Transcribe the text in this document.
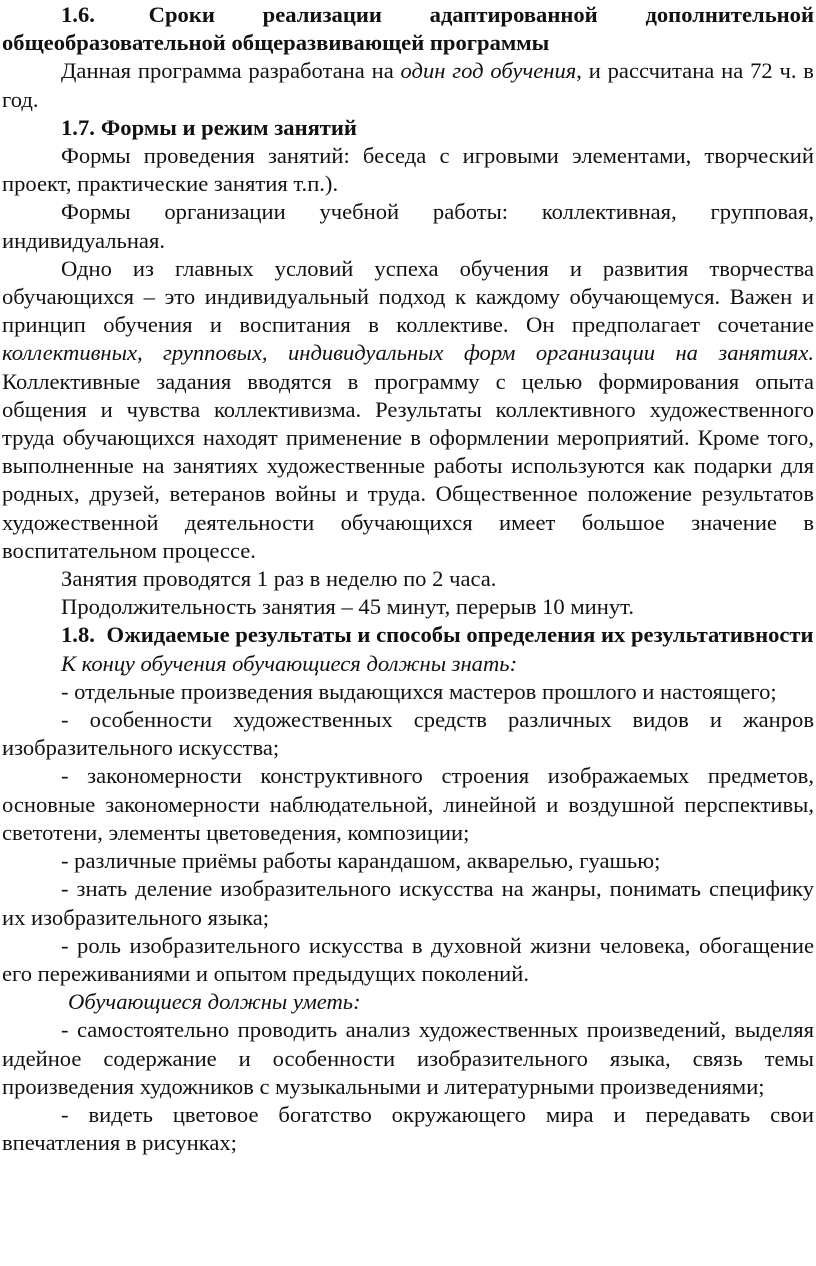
1.6. Сроки реализации адаптированной дополнительной общеобразовательной общеразвивающей программы

Данная программа разработана на один год обучения, и рассчитана на 72 ч. в год.

1.7. Формы и режим занятий

Формы проведения занятий: беседа с игровыми элементами, творческий проект, практические занятия т.п.).

Формы организации учебной работы: коллективная, групповая, индивидуальная.

Одно из главных условий успеха обучения и развития творчества обучающихся – это индивидуальный подход к каждому обучающемуся. Важен и принцип обучения и воспитания в коллективе. Он предполагает сочетание коллективных, групповых, индивидуальных форм организации на занятиях. Коллективные задания вводятся в программу с целью формирования опыта общения и чувства коллективизма. Результаты коллективного художественного труда обучающихся находят применение в оформлении мероприятий. Кроме того, выполненные на занятиях художественные работы используются как подарки для родных, друзей, ветеранов войны и труда. Общественное положение результатов художественной деятельности обучающихся имеет большое значение в воспитательном процессе.

Занятия проводятся 1 раз в неделю по 2 часа.

Продолжительность занятия – 45 минут, перерыв 10 минут.

1.8. Ожидаемые результаты и способы определения их результативности

К концу обучения обучающиеся должны знать:

- отдельные произведения выдающихся мастеров прошлого и настоящего;

- особенности художественных средств различных видов и жанров изобразительного искусства;

- закономерности конструктивного строения изображаемых предметов, основные закономерности наблюдательной, линейной и воздушной перспективы, светотени, элементы цветоведения, композиции;

- различные приёмы работы карандашом, акварелью, гуашью;

- знать деление изобразительного искусства на жанры, понимать специфику их изобразительного языка;

- роль изобразительного искусства в духовной жизни человека, обогащение его переживаниями и опытом предыдущих поколений.

Обучающиеся должны уметь:

- самостоятельно проводить анализ художественных произведений, выделяя идейное содержание и особенности изобразительного языка, связь темы произведения художников с музыкальными и литературными произведениями;

- видеть цветовое богатство окружающего мира и передавать свои впечатления в рисунках;
